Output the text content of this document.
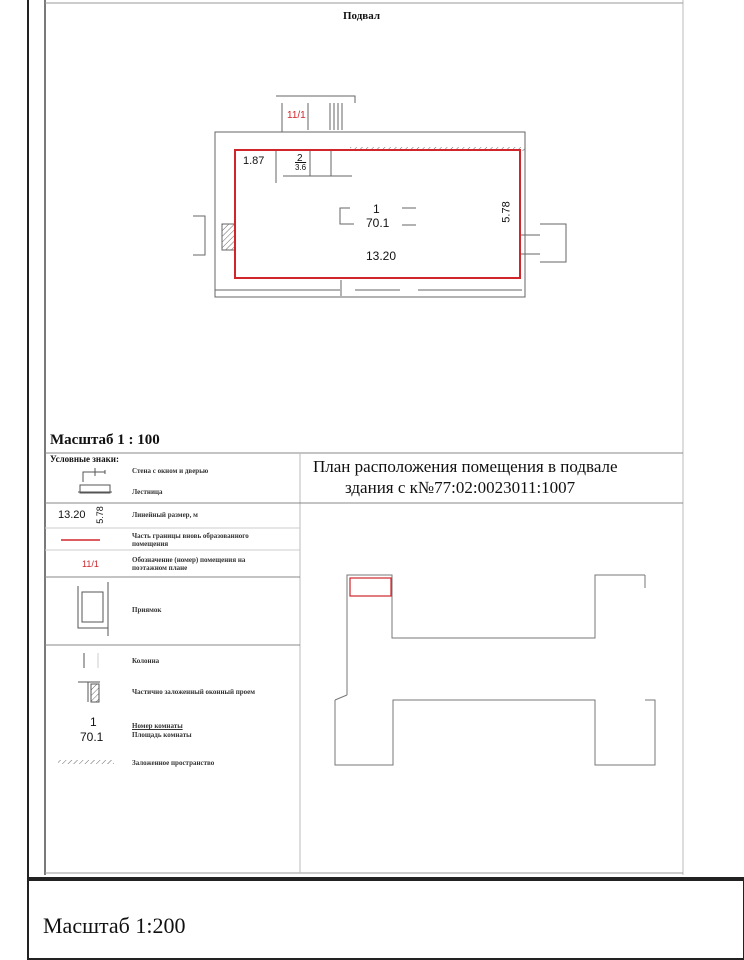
Подвал
11/1
1.87	2
3.6
1
70.1
5.78
13.20
Масштаб 1 : 100
План расположения помещения в подвале
здания с к№77:02:0023011:1007
Условные знаки:
Стена с окном и дверью
Лестница
13.20 5.78	Линейный размер, м
Часть границы вновь образованного помещения
11/1	Обозначение (номер) помещения на поэтажном плане
Приямок
Колонна
Частично заложенный оконный проем
1
70.1
Номер комнаты
Площадь комнаты
Заложенное пространство
Масштаб 1:200
